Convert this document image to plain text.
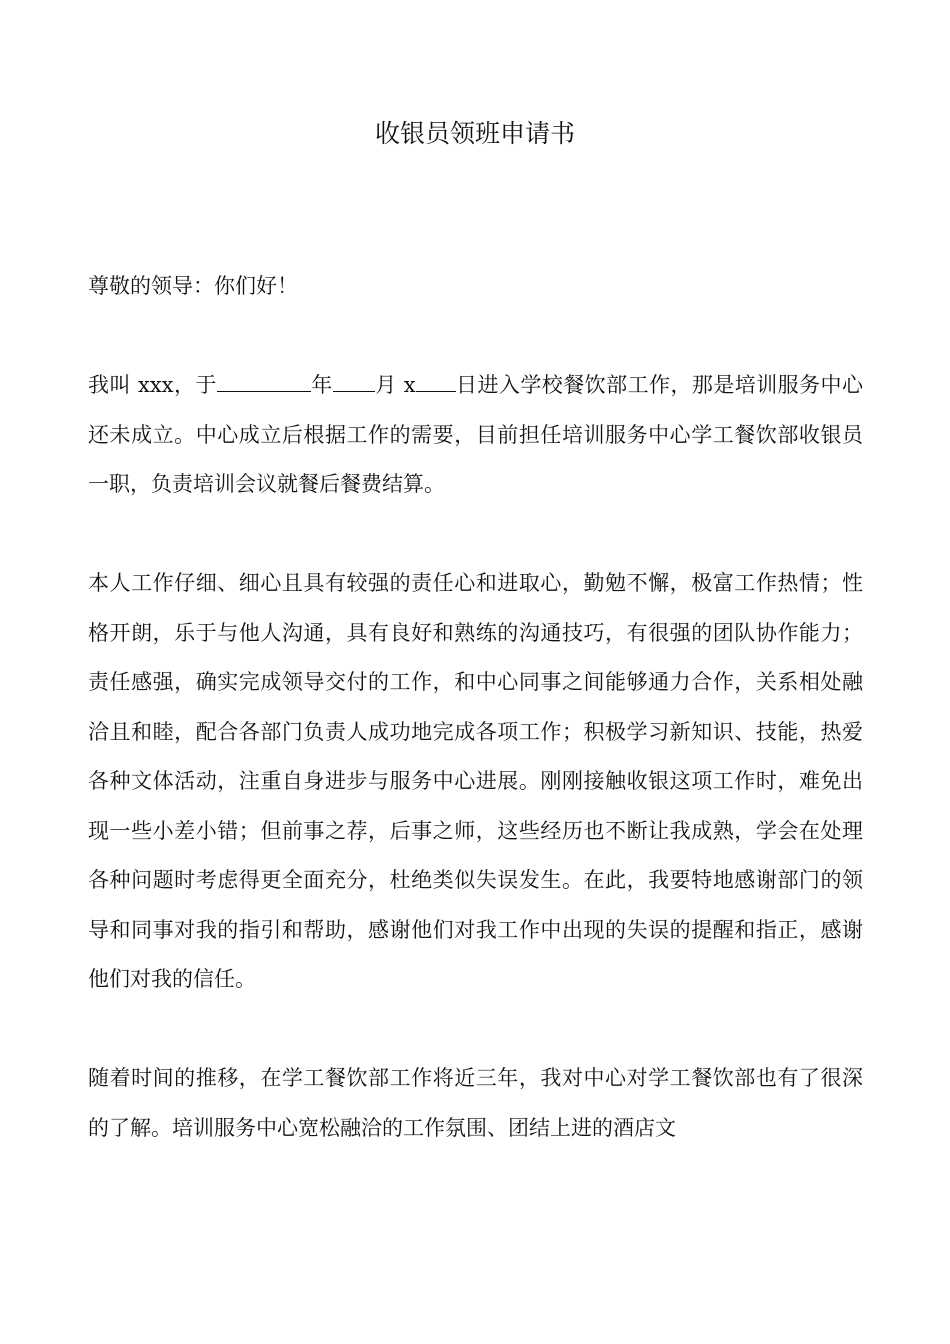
收银员领班申请书

尊敬的领导：你们好！

我叫 xxx，于	年 月 x 日进入学校餐饮部工作，那是培训服务中心还未成立。中心成立后根据工作的需要，目前担任培训服务中心学工餐饮部收银员一职，负责培训会议就餐后餐费结算。

本人工作仔细、细心且具有较强的责任心和进取心，勤勉不懈，极富工作热情；性格开朗，乐于与他人沟通，具有良好和熟练的沟通技巧，有很强的团队协作能力；责任感强，确实完成领导交付的工作，和中心同事之间能够通力合作，关系相处融洽且和睦，配合各部门负责人成功地完成各项工作；积极学习新知识、技能，热爱各种文体活动，注重自身进步与服务中心进展。刚刚接触收银这项工作时，难免出现一些小差小错；但前事之荐，后事之师，这些经历也不断让我成熟，学会在处理各种问题时考虑得更全面充分，杜绝类似失误发生。在此，我要特地感谢部门的领导和同事对我的指引和帮助，感谢他们对我工作中出现的失误的提醒和指正，感谢他们对我的信任。

随着时间的推移，在学工餐饮部工作将近三年，我对中心对学工餐饮部也有了很深的了解。培训服务中心宽松融洽的工作氛围、团结上进的酒店文
